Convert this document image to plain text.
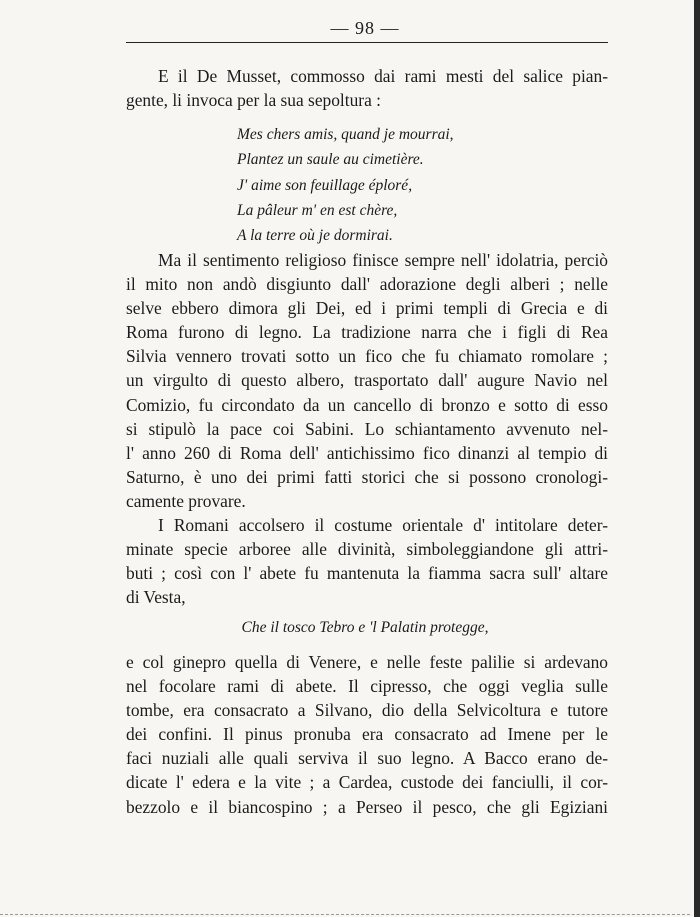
— 98 —
E il De Musset, commosso dai rami mesti del salice pian-
gente, li invoca per la sua sepoltura :
Mes chers amis, quand je mourrai,
Plantez un saule au cimetière.
J' aime son feuillage éploré,
La pâleur m' en est chère,
A la terre où je dormirai.
Ma il sentimento religioso finisce sempre nell' idolatria, perciò
il mito non andò disgiunto dall' adorazione degli alberi ; nelle
selve ebbero dimora gli Dei, ed i primi templi di Grecia e di
Roma furono di legno. La tradizione narra che i figli di Rea
Silvia vennero trovati sotto un fico che fu chiamato romolare ;
un virgulto di questo albero, trasportato dall' augure Navio nel
Comizio, fu circondato da un cancello di bronzo e sotto di esso
si stipulò la pace coi Sabini. Lo schiantamento avvenuto nel-
l' anno 260 di Roma dell' antichissimo fico dinanzi al tempio di
Saturno, è uno dei primi fatti storici che si possono cronologi-
camente provare.
I Romani accolsero il costume orientale d' intitolare deter-
minate specie arboree alle divinità, simboleggiandone gli attri-
buti ; così con l' abete fu mantenuta la fiamma sacra sull' altare
di Vesta,
Che il tosco Tebro e 'l Palatin protegge,
e col ginepro quella di Venere, e nelle feste palilie si ardevano
nel focolare rami di abete. Il cipresso, che oggi veglia sulle
tombe, era consacrato a Silvano, dio della Selvicoltura e tutore
dei confini. Il pinus pronuba era consacrato ad Imene per le
faci nuziali alle quali serviva il suo legno. A Bacco erano de-
dicate l' edera e la vite ; a Cardea, custode dei fanciulli, il cor-
bezzolo e il biancospino ; a Perseo il pesco, che gli Egiziani
